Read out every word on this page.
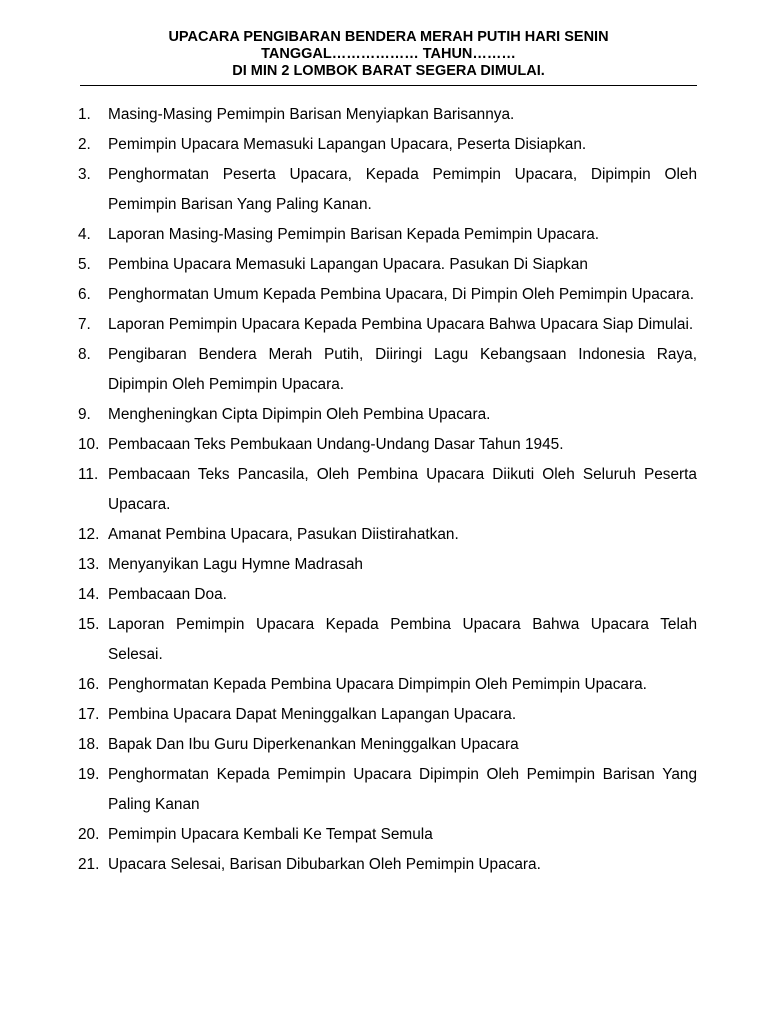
UPACARA PENGIBARAN BENDERA MERAH PUTIH HARI SENIN
TANGGAL……………… TAHUN………
DI MIN 2 LOMBOK BARAT SEGERA DIMULAI.
1. Masing-Masing Pemimpin Barisan Menyiapkan Barisannya.
2. Pemimpin Upacara Memasuki Lapangan Upacara, Peserta Disiapkan.
3. Penghormatan Peserta Upacara, Kepada Pemimpin Upacara, Dipimpin Oleh Pemimpin Barisan Yang Paling Kanan.
4. Laporan Masing-Masing Pemimpin Barisan Kepada Pemimpin Upacara.
5. Pembina Upacara Memasuki Lapangan Upacara. Pasukan Di Siapkan
6. Penghormatan Umum Kepada Pembina Upacara, Di Pimpin Oleh Pemimpin Upacara.
7. Laporan Pemimpin Upacara Kepada Pembina Upacara Bahwa Upacara Siap Dimulai.
8. Pengibaran Bendera Merah Putih, Diiringi Lagu Kebangsaan Indonesia Raya, Dipimpin Oleh Pemimpin Upacara.
9. Mengheningkan Cipta Dipimpin Oleh Pembina Upacara.
10. Pembacaan Teks Pembukaan Undang-Undang Dasar Tahun 1945.
11. Pembacaan Teks Pancasila, Oleh Pembina Upacara Diikuti Oleh Seluruh Peserta Upacara.
12. Amanat Pembina Upacara, Pasukan Diistirahatkan.
13. Menyanyikan Lagu Hymne Madrasah
14. Pembacaan Doa.
15. Laporan Pemimpin Upacara Kepada Pembina Upacara Bahwa Upacara Telah Selesai.
16. Penghormatan Kepada Pembina Upacara Dimpimpin Oleh Pemimpin Upacara.
17. Pembina Upacara Dapat Meninggalkan Lapangan Upacara.
18. Bapak Dan Ibu Guru Diperkenankan Meninggalkan Upacara
19. Penghormatan Kepada Pemimpin Upacara Dipimpin Oleh Pemimpin Barisan Yang Paling Kanan
20. Pemimpin Upacara Kembali Ke Tempat Semula
21. Upacara Selesai, Barisan Dibubarkan Oleh Pemimpin Upacara.
